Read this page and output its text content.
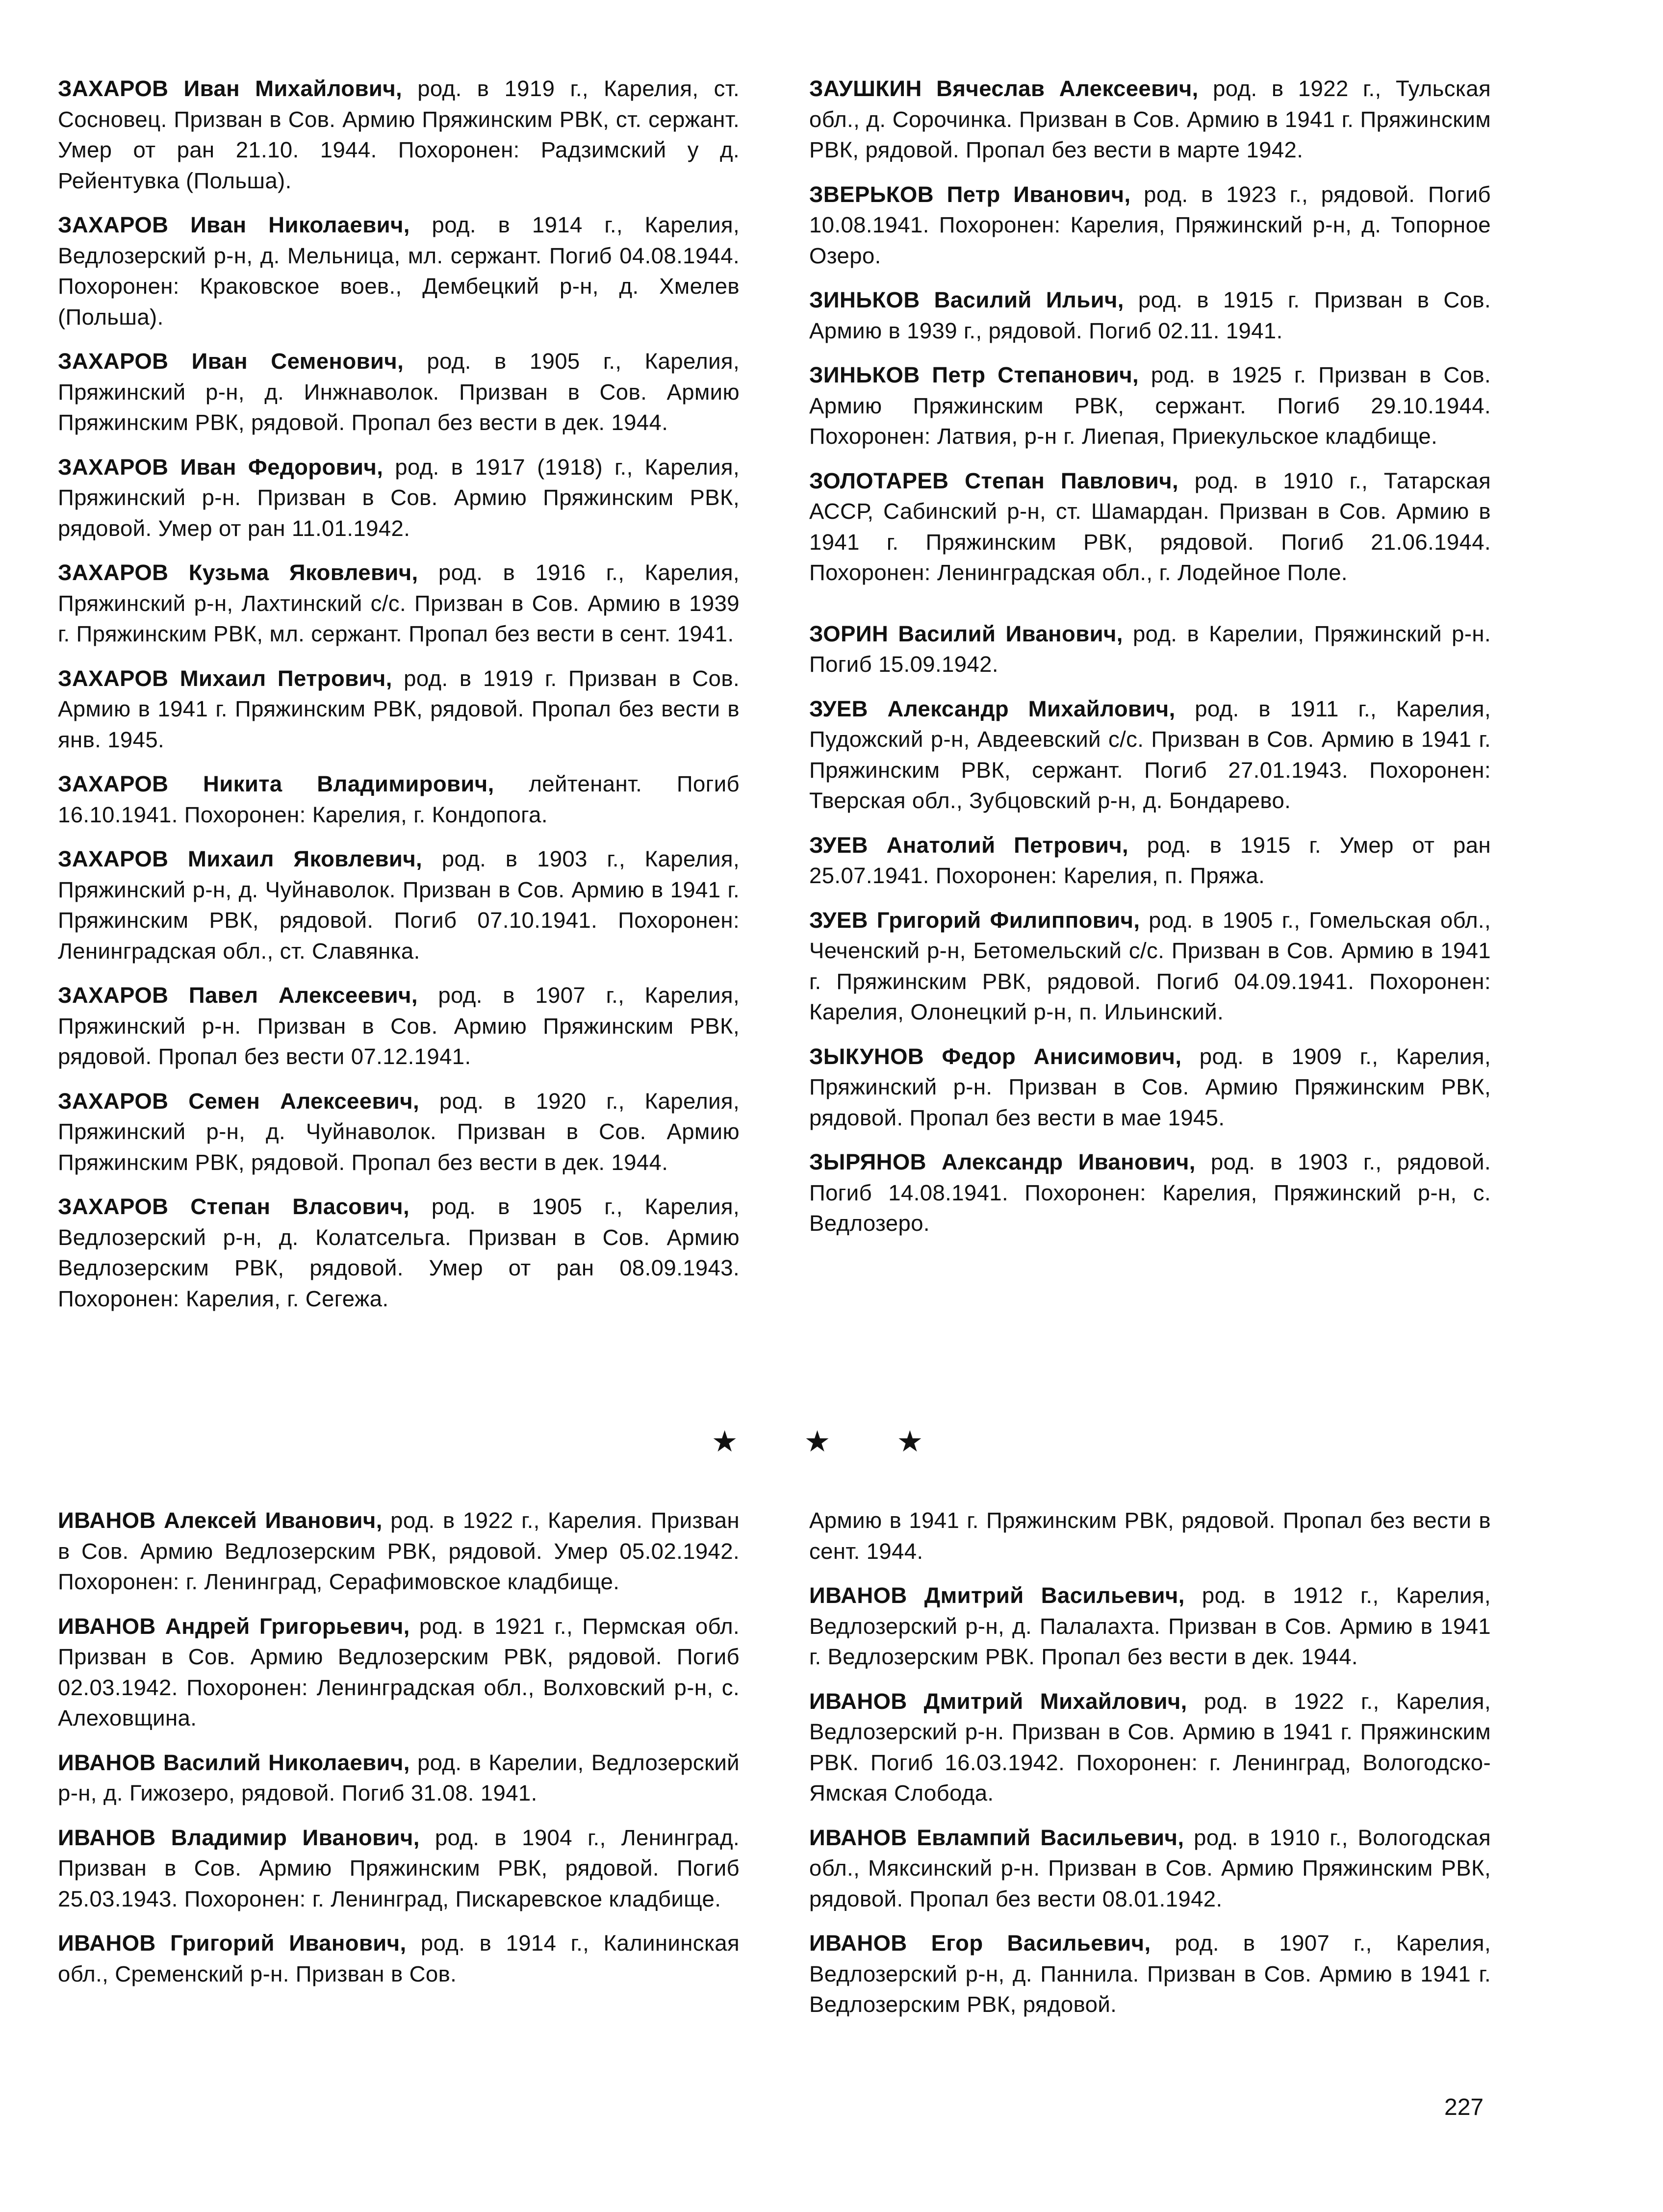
ЗАХАРОВ Иван Михайлович, род. в 1919 г., Карелия, ст. Сосновец. Призван в Сов. Армию Пряжинским РВК, ст. сержант. Умер от ран 21.10. 1944. Похоронен: Радзимский у д. Рейентувка (Польша).

ЗАХАРОВ Иван Николаевич, род. в 1914 г., Карелия, Ведлозерский р-н, д. Мельница, мл. сержант. Погиб 04.08.1944. Похоронен: Краковское воев., Дембецкий р-н, д. Хмелев (Польша).

ЗАХАРОВ Иван Семенович, род. в 1905 г., Карелия, Пряжинский р-н, д. Инжнаволок. Призван в Сов. Армию Пряжинским РВК, рядовой. Пропал без вести в дек. 1944.

ЗАХАРОВ Иван Федорович, род. в 1917 (1918) г., Карелия, Пряжинский р-н. Призван в Сов. Армию Пряжинским РВК, рядовой. Умер от ран 11.01.1942.

ЗАХАРОВ Кузьма Яковлевич, род. в 1916 г., Карелия, Пряжинский р-н, Лахтинский с/с. Призван в Сов. Армию в 1939 г. Пряжинским РВК, мл. сержант. Пропал без вести в сент. 1941.

ЗАХАРОВ Михаил Петрович, род. в 1919 г. Призван в Сов. Армию в 1941 г. Пряжинским РВК, рядовой. Пропал без вести в янв. 1945.

ЗАХАРОВ Никита Владимирович, лейтенант. Погиб 16.10.1941. Похоронен: Карелия, г. Кондопога.

ЗАХАРОВ Михаил Яковлевич, род. в 1903 г., Карелия, Пряжинский р-н, д. Чуйнаволок. Призван в Сов. Армию в 1941 г. Пряжинским РВК, рядовой. Погиб 07.10.1941. Похоронен: Ленинградская обл., ст. Славянка.

ЗАХАРОВ Павел Алексеевич, род. в 1907 г., Карелия, Пряжинский р-н. Призван в Сов. Армию Пряжинским РВК, рядовой. Пропал без вести 07.12.1941.

ЗАХАРОВ Семен Алексеевич, род. в 1920 г., Карелия, Пряжинский р-н, д. Чуйнаволок. Призван в Сов. Армию Пряжинским РВК, рядовой. Пропал без вести в дек. 1944.

ЗАХАРОВ Степан Власович, род. в 1905 г., Карелия, Ведлозерский р-н, д. Колатсельга. Призван в Сов. Армию Ведлозерским РВК, рядовой. Умер от ран 08.09.1943. Похоронен: Карелия, г. Сегежа.

ЗАУШКИН Вячеслав Алексеевич, род. в 1922 г., Тульская обл., д. Сорочинка. Призван в Сов. Армию в 1941 г. Пряжинским РВК, рядовой. Пропал без вести в марте 1942.

ЗВЕРЬКОВ Петр Иванович, род. в 1923 г., рядовой. Погиб 10.08.1941. Похоронен: Карелия, Пряжинский р-н, д. Топорное Озеро.

ЗИНЬКОВ Василий Ильич, род. в 1915 г. Призван в Сов. Армию в 1939 г., рядовой. Погиб 02.11. 1941.

ЗИНЬКОВ Петр Степанович, род. в 1925 г. Призван в Сов. Армию Пряжинским РВК, сержант. Погиб 29.10.1944. Похоронен: Латвия, р-н г. Лиепая, Приекульское кладбище.

ЗОЛОТАРЕВ Степан Павлович, род. в 1910 г., Татарская АССР, Сабинский р-н, ст. Шамардан. Призван в Сов. Армию в 1941 г. Пряжинским РВК, рядовой. Погиб 21.06.1944. Похоронен: Ленинградская обл., г. Лодейное Поле.

ЗОРИН Василий Иванович, род. в Карелии, Пряжинский р-н. Погиб 15.09.1942.

ЗУЕВ Александр Михайлович, род. в 1911 г., Карелия, Пудожский р-н, Авдеевский с/с. Призван в Сов. Армию в 1941 г. Пряжинским РВК, сержант. Погиб 27.01.1943. Похоронен: Тверская обл., Зубцовский р-н, д. Бондарево.

ЗУЕВ Анатолий Петрович, род. в 1915 г. Умер от ран 25.07.1941. Похоронен: Карелия, п. Пряжа.

ЗУЕВ Григорий Филиппович, род. в 1905 г., Гомельская обл., Чеченский р-н, Бетомельский с/с. Призван в Сов. Армию в 1941 г. Пряжинским РВК, рядовой. Погиб 04.09.1941. Похоронен: Карелия, Олонецкий р-н, п. Ильинский.

ЗЫКУНОВ Федор Анисимович, род. в 1909 г., Карелия, Пряжинский р-н. Призван в Сов. Армию Пряжинским РВК, рядовой. Пропал без вести в мае 1945.

ЗЫРЯНОВ Александр Иванович, род. в 1903 г., рядовой. Погиб 14.08.1941. Похоронен: Карелия, Пряжинский р-н, с. Ведлозеро.

★ ★ ★

ИВАНОВ Алексей Иванович, род. в 1922 г., Карелия. Призван в Сов. Армию Ведлозерским РВК, рядовой. Умер 05.02.1942. Похоронен: г. Ленинград, Серафимовское кладбище.

ИВАНОВ Андрей Григорьевич, род. в 1921 г., Пермская обл. Призван в Сов. Армию Ведлозерским РВК, рядовой. Погиб 02.03.1942. Похоронен: Ленинградская обл., Волховский р-н, с. Алеховщина.

ИВАНОВ Василий Николаевич, род. в Карелии, Ведлозерский р-н, д. Гижозеро, рядовой. Погиб 31.08. 1941.

ИВАНОВ Владимир Иванович, род. в 1904 г., Ленинград. Призван в Сов. Армию Пряжинским РВК, рядовой. Погиб 25.03.1943. Похоронен: г. Ленинград, Пискаревское кладбище.

ИВАНОВ Григорий Иванович, род. в 1914 г., Калининская обл., Сременский р-н. Призван в Сов.

Армию в 1941 г. Пряжинским РВК, рядовой. Пропал без вести в сент. 1944.

ИВАНОВ Дмитрий Васильевич, род. в 1912 г., Карелия, Ведлозерский р-н, д. Палалахта. Призван в Сов. Армию в 1941 г. Ведлозерским РВК. Пропал без вести в дек. 1944.

ИВАНОВ Дмитрий Михайлович, род. в 1922 г., Карелия, Ведлозерский р-н. Призван в Сов. Армию в 1941 г. Пряжинским РВК. Погиб 16.03.1942. Похоронен: г. Ленинград, Вологодско-Ямская Слобода.

ИВАНОВ Евлампий Васильевич, род. в 1910 г., Вологодская обл., Мяксинский р-н. Призван в Сов. Армию Пряжинским РВК, рядовой. Пропал без вести 08.01.1942.

ИВАНОВ Егор Васильевич, род. в 1907 г., Карелия, Ведлозерский р-н, д. Паннила. Призван в Сов. Армию в 1941 г. Ведлозерским РВК, рядовой.

227
